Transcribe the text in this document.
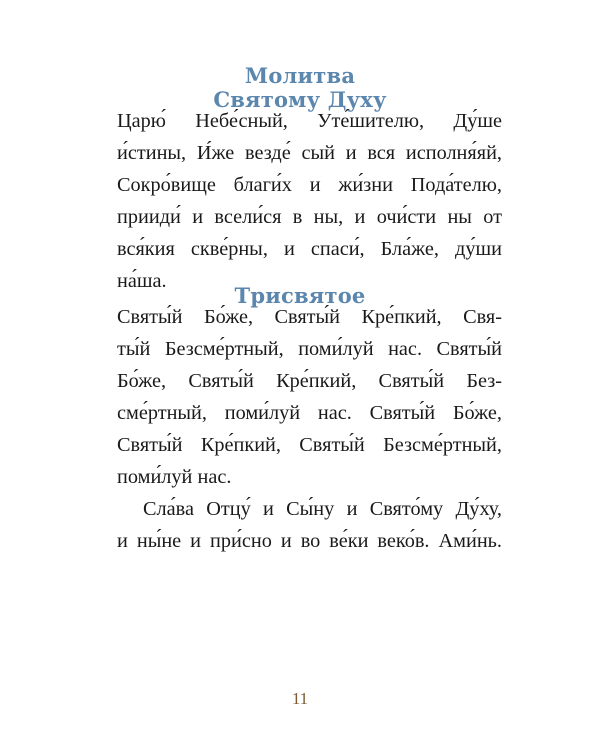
Молитва
Святому Духу
Царю́ Небе́сный, Уте́шителю, Ду́ше
и́стины, И́же везде́ сый и вся исполня́яй,
Сокро́вище благи́х и жи́зни Пода́телю,
прииди́ и всели́ся в ны, и очи́сти ны от
вся́кия скве́рны, и спаси́, Бла́же, ду́ши
на́ша.
Трисвятое
Святы́й Бо́же, Святы́й Кре́пкий, Свя-
ты́й Безсме́ртный, поми́луй нас. Святы́й
Бо́же, Святы́й Кре́пкий, Святы́й Без-
сме́ртный, поми́луй нас. Святы́й Бо́же,
Святы́й Кре́пкий, Святы́й Безсме́ртный,
поми́луй нас.
Сла́ва Отцу́ и Сы́ну и Свято́му Ду́ху,
и ны́не и при́сно и во ве́ки веко́в. Ами́нь.
11
